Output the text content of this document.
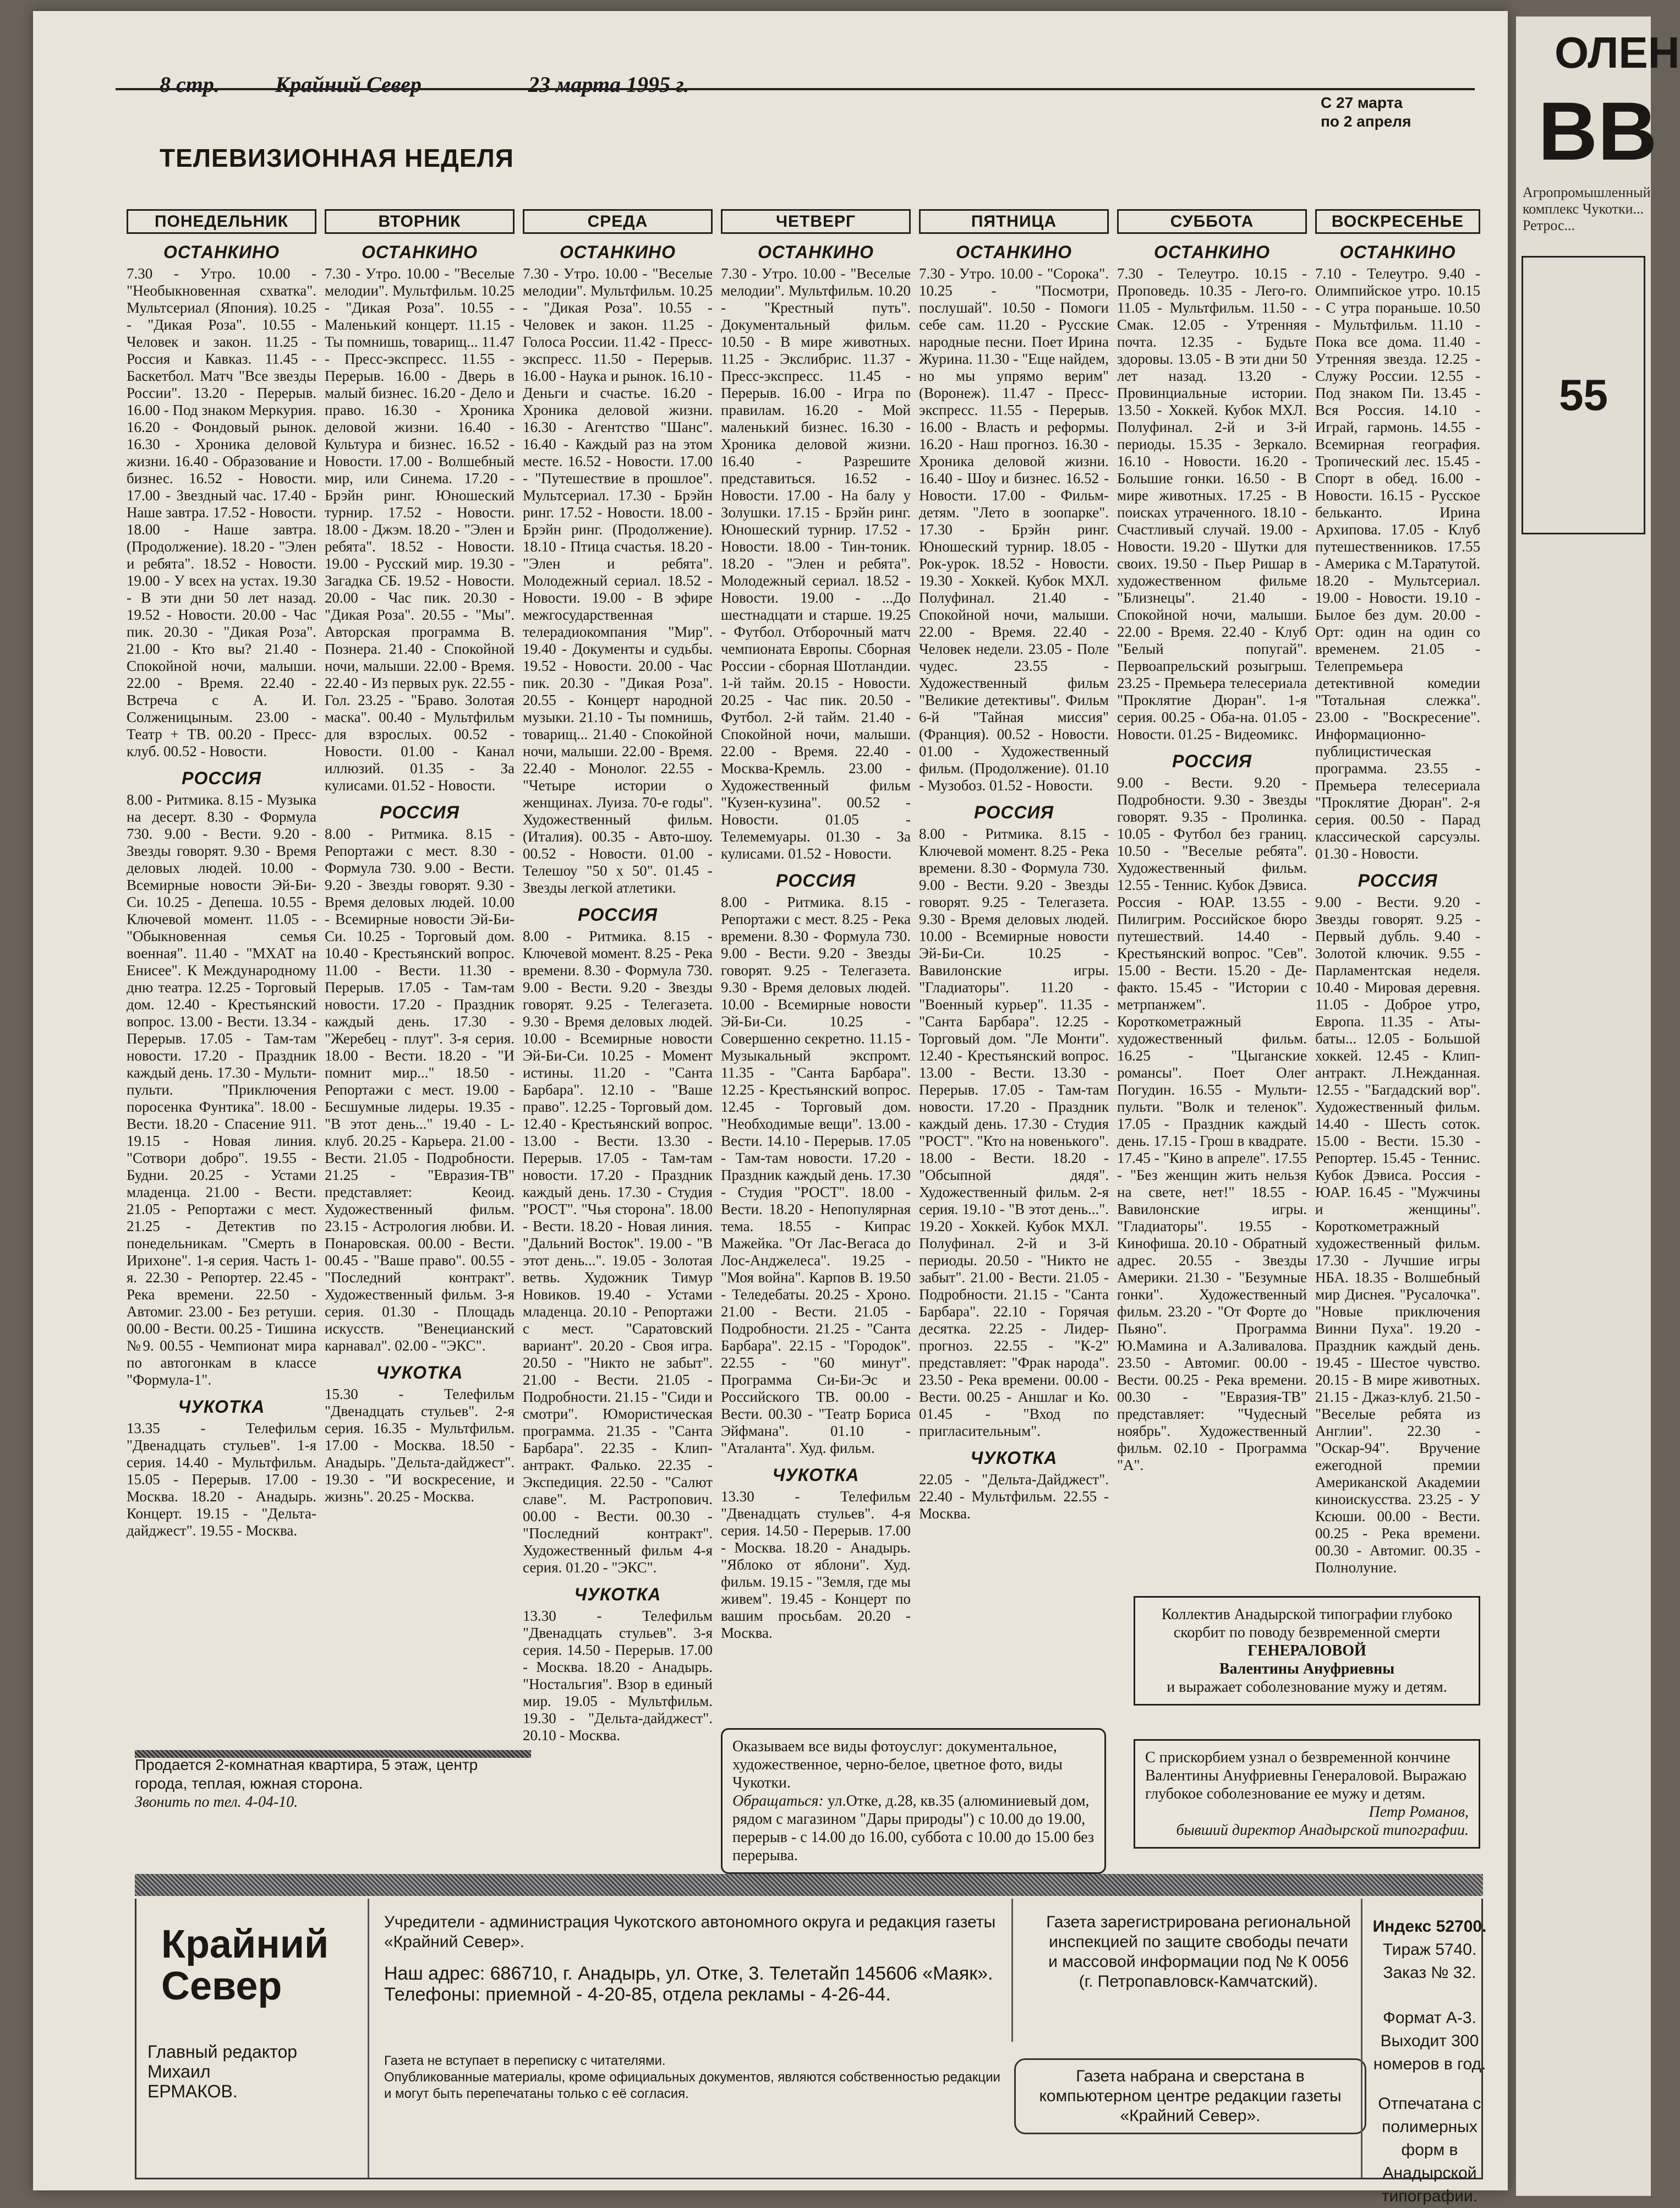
8 стр.	Крайний Север	23 марта 1995 г.
С 27 марта
по 2 апреля
ТЕЛЕВИЗИОННАЯ НЕДЕЛЯ
ПОНЕДЕЛЬНИК
ОСТАНКИНО

7.30 - Утро. 10.00 - "Необыкновенная схватка". Мультсериал (Япония). 10.25 - "Дикая Роза". 10.55 - Человек и закон. 11.25 - Россия и Кавказ. 11.45 - Баскетбол. Матч "Все звезды России". 13.20 - Перерыв. 16.00 - Под знаком Меркурия. 16.20 - Фондовый рынок. 16.30 - Хроника деловой жизни. 16.40 - Образование и бизнес. 16.52 - Новости. 17.00 - Звездный час. 17.40 - Наше завтра. 17.52 - Новости. 18.00 - Наше завтра. (Продолжение). 18.20 - "Элен и ребята". 18.52 - Новости. 19.00 - У всех на устах. 19.30 - В эти дни 50 лет назад. 19.52 - Новости. 20.00 - Час пик. 20.30 - "Дикая Роза". 21.00 - Кто вы? 21.40 - Спокойной ночи, малыши. 22.00 - Время. 22.40 - Встреча с А. И. Солженицыным. 23.00 - Театр + ТВ. 00.20 - Пресс-клуб. 00.52 - Новости.

РОССИЯ

8.00 - Ритмика. 8.15 - Музыка на десерт. 8.30 - Формула 730. 9.00 - Вести. 9.20 - Звезды говорят. 9.30 - Время деловых людей. 10.00 - Всемирные новости Эй-Би-Си. 10.25 - Депеша. 10.55 - Ключевой момент. 11.05 - "Обыкновенная семья военная". 11.40 - "МХАТ на Енисее". К Международному дню театра. 12.25 - Торговый дом. 12.40 - Крестьянский вопрос. 13.00 - Вести. 13.34 - Перерыв. 17.05 - Там-там новости. 17.20 - Праздник каждый день. 17.30 - Мульти-пульти. "Приключения поросенка Фунтика". 18.00 - Вести. 18.20 - Спасение 911. 19.15 - Новая линия. "Сотвори добро". 19.55 - Будни. 20.25 - Устами младенца. 21.00 - Вести. 21.05 - Репортажи с мест. 21.25 - Детектив по понедельникам. "Смерть в Ирихоне". 1-я серия. Часть 1-я. 22.30 - Репортер. 22.45 - Река времени. 22.50 - Автомиг. 23.00 - Без ретуши. 00.00 - Вести. 00.25 - Тишина №9. 00.55 - Чемпионат мира по автогонкам в классе "Формула-1".

ЧУКОТКА

13.35 - Телефильм "Двенадцать стульев". 1-я серия. 14.40 - Мультфильм. 15.05 - Перерыв. 17.00 - Москва. 18.20 - Анадырь. Концерт. 19.15 - "Дельта-дайджест". 19.55 - Москва.

ВТОРНИК
ОСТАНКИНО

7.30 - Утро. 10.00 - "Веселые мелодии". Мультфильм. 10.25 - "Дикая Роза". 10.55 - Маленький концерт. 11.15 - Ты помнишь, товарищ... 11.47 - Пресс-экспресс. 11.55 - Перерыв. 16.00 - Дверь в малый бизнес. 16.20 - Дело и право. 16.30 - Хроника деловой жизни. 16.40 - Культура и бизнес. 16.52 - Новости. 17.00 - Волшебный мир, или Синема. 17.20 - Брэйн ринг. Юношеский турнир. 17.52 - Новости. 18.00 - Джэм. 18.20 - "Элен и ребята". 18.52 - Новости. 19.00 - Русский мир. 19.30 - Загадка СБ. 19.52 - Новости. 20.00 - Час пик. 20.30 - "Дикая Роза". 20.55 - "Мы". Авторская программа В. Познера. 21.40 - Спокойной ночи, малыши. 22.00 - Время. 22.40 - Из первых рук. 22.55 - Гол. 23.25 - "Браво. Золотая маска". 00.40 - Мультфильм для взрослых. 00.52 - Новости. 01.00 - Канал иллюзий. 01.35 - За кулисами. 01.52 - Новости.

РОССИЯ

8.00 - Ритмика. 8.15 - Репортажи с мест. 8.30 - Формула 730. 9.00 - Вести. 9.20 - Звезды говорят. 9.30 - Время деловых людей. 10.00 - Всемирные новости Эй-Би-Си. 10.25 - Торговый дом. 10.40 - Крестьянский вопрос. 11.00 - Вести. 11.30 - Перерыв. 17.05 - Там-там новости. 17.20 - Праздник каждый день. 17.30 - "Жеребец - плут". 3-я серия. 18.00 - Вести. 18.20 - "И помнит мир..." 18.50 - Репортажи с мест. 19.00 - Бесшумные лидеры. 19.35 - "В этот день..." 19.40 - L-клуб. 20.25 - Карьера. 21.00 - Вести. 21.05 - Подробности. 21.25 - "Евразия-ТВ" представляет: Кеоид. Художественный фильм. 23.15 - Астрология любви. И. Понаровская. 00.00 - Вести. 00.45 - "Ваше право". 00.55 - "Последний контракт". Художественный фильм. 3-я серия. 01.30 - Площадь искусств. "Венецианский карнавал". 02.00 - "ЭКС".

ЧУКОТКА

15.30 - Телефильм "Двенадцать стульев". 2-я серия. 16.35 - Мультфильм. 17.00 - Москва. 18.50 - Анадырь. "Дельта-дайджест". 19.30 - "И воскресение, и жизнь". 20.25 - Москва.

СРЕДА
ОСТАНКИНО

7.30 - Утро. 10.00 - "Веселые мелодии". Мультфильм. 10.25 - "Дикая Роза". 10.55 - Человек и закон. 11.25 - Голоса России. 11.42 - Пресс-экспресс. 11.50 - Перерыв. 16.00 - Наука и рынок. 16.10 - Деньги и счастье. 16.20 - Хроника деловой жизни. 16.30 - Агентство "Шанс". 16.40 - Каждый раз на этом месте. 16.52 - Новости. 17.00 - "Путешествие в прошлое". Мультсериал. 17.30 - Брэйн ринг. 17.52 - Новости. 18.00 - Брэйн ринг. (Продолжение). 18.10 - Птица счастья. 18.20 - "Элен и ребята". Молодежный сериал. 18.52 - Новости. 19.00 - В эфире межгосударственная телерадиокомпания "Мир". 19.40 - Документы и судьбы. 19.52 - Новости. 20.00 - Час пик. 20.30 - "Дикая Роза". 20.55 - Концерт народной музыки. 21.10 - Ты помнишь, товарищ... 21.40 - Спокойной ночи, малыши. 22.00 - Время. 22.40 - Монолог. 22.55 - "Четыре истории о женщинах. Луиза. 70-е годы". Художественный фильм. (Италия). 00.35 - Авто-шоу. 00.52 - Новости. 01.00 - Телешоу "50 х 50". 01.45 - Звезды легкой атлетики.

РОССИЯ

8.00 - Ритмика. 8.15 - Ключевой момент. 8.25 - Река времени. 8.30 - Формула 730. 9.00 - Вести. 9.20 - Звезды говорят. 9.25 - Телегазета. 9.30 - Время деловых людей. 10.00 - Всемирные новости Эй-Би-Си. 10.25 - Момент истины. 11.20 - "Санта Барбара". 12.10 - "Ваше право". 12.25 - Торговый дом. 12.40 - Крестьянский вопрос. 13.00 - Вести. 13.30 - Перерыв. 17.05 - Там-там новости. 17.20 - Праздник каждый день. 17.30 - Студия "РОСТ". "Чья сторона". 18.00 - Вести. 18.20 - Новая линия. "Дальний Восток". 19.00 - "В этот день...". 19.05 - Золотая ветвь. Художник Тимур Новиков. 19.40 - Устами младенца. 20.10 - Репортажи с мест. "Саратовский вариант". 20.20 - Своя игра. 20.50 - "Никто не забыт". 21.00 - Вести. 21.05 - Подробности. 21.15 - "Сиди и смотри". Юмористическая программа. 21.35 - "Санта Барбара". 22.35 - Клип-антракт. Фалько. 22.35 - Экспедиция. 22.50 - "Салют славе". М. Растропович. 00.00 - Вести. 00.30 - "Последний контракт". Художественный фильм 4-я серия. 01.20 - "ЭКС".

ЧУКОТКА

13.30 - Телефильм "Двенадцать стульев". 3-я серия. 14.50 - Перерыв. 17.00 - Москва. 18.20 - Анадырь. "Ностальгия". Взор в единый мир. 19.05 - Мультфильм. 19.30 - "Дельта-дайджест". 20.10 - Москва.

ЧЕТВЕРГ
ОСТАНКИНО

7.30 - Утро. 10.00 - "Веселые мелодии". Мультфильм. 10.20 - "Крестный путь". Документальный фильм. 10.50 - В мире животных. 11.25 - Экслибрис. 11.37 - Пресс-экспресс. 11.45 - Перерыв. 16.00 - Игра по правилам. 16.20 - Мой маленький бизнес. 16.30 - Хроника деловой жизни. 16.40 - Разрешите представиться. 16.52 - Новости. 17.00 - На балу у Золушки. 17.15 - Брэйн ринг. Юношеский турнир. 17.52 - Новости. 18.00 - Тин-тоник. 18.20 - "Элен и ребята". Молодежный сериал. 18.52 - Новости. 19.00 - ...До шестнадцати и старше. 19.25 - Футбол. Отборочный матч чемпионата Европы. Сборная России - сборная Шотландии. 1-й тайм. 20.15 - Новости. 20.25 - Час пик. 20.50 - Футбол. 2-й тайм. 21.40 - Спокойной ночи, малыши. 22.00 - Время. 22.40 - Москва-Кремль. 23.00 - Художественный фильм "Кузен-кузина". 00.52 - Новости. 01.05 - Телемемуары. 01.30 - За кулисами. 01.52 - Новости.

РОССИЯ

8.00 - Ритмика. 8.15 - Репортажи с мест. 8.25 - Река времени. 8.30 - Формула 730. 9.00 - Вести. 9.20 - Звезды говорят. 9.25 - Телегазета. 9.30 - Время деловых людей. 10.00 - Всемирные новости Эй-Би-Си. 10.25 - Совершенно секретно. 11.15 - Музыкальный экспромт. 11.35 - "Санта Барбара". 12.25 - Крестьянский вопрос. 12.45 - Торговый дом. "Необходимые вещи". 13.00 - Вести. 14.10 - Перерыв. 17.05 - Там-там новости. 17.20 - Праздник каждый день. 17.30 - Студия "РОСТ". 18.00 - Вести. 18.20 - Непопулярная тема. 18.55 - Кипрас Мажейка. "От Лас-Вегаса до Лос-Анджелеса". 19.25 - "Моя война". Карпов В. 19.50 - Теледебаты. 20.25 - Хроно. 21.00 - Вести. 21.05 - Подробности. 21.25 - "Санта Барбара". 22.15 - "Городок". 22.55 - "60 минут". Программа Си-Би-Эс и Российского ТВ. 00.00 - Вести. 00.30 - "Театр Бориса Эйфмана". 01.10 - "Аталанта". Худ. фильм.

ЧУКОТКА

13.30 - Телефильм "Двенадцать стульев". 4-я серия. 14.50 - Перерыв. 17.00 - Москва. 18.20 - Анадырь. "Яблоко от яблони". Худ. фильм. 19.15 - "Земля, где мы живем". 19.45 - Концерт по вашим просьбам. 20.20 - Москва.

ПЯТНИЦА
ОСТАНКИНО

7.30 - Утро. 10.00 - "Сорока". 10.25 - "Посмотри, послушай". 10.50 - Помоги себе сам. 11.20 - Русские народные песни. Поет Ирина Журина. 11.30 - "Еще найдем, но мы упрямо верим" (Воронеж). 11.47 - Пресс-экспресс. 11.55 - Перерыв. 16.00 - Власть и реформы. 16.20 - Наш прогноз. 16.30 - Хроника деловой жизни. 16.40 - Шоу и бизнес. 16.52 - Новости. 17.00 - Фильм-детям. "Лето в зоопарке". 17.30 - Брэйн ринг. Юношеский турнир. 18.05 - Рок-урок. 18.52 - Новости. 19.30 - Хоккей. Кубок МХЛ. Полуфинал. 21.40 - Спокойной ночи, малыши. 22.00 - Время. 22.40 - Человек недели. 23.05 - Поле чудес. 23.55 - Художественный фильм "Великие детективы". Фильм 6-й "Тайная миссия" (Франция). 00.52 - Новости. 01.00 - Художественный фильм. (Продолжение). 01.10 - Музобоз. 01.52 - Новости.

РОССИЯ

8.00 - Ритмика. 8.15 - Ключевой момент. 8.25 - Река времени. 8.30 - Формула 730. 9.00 - Вести. 9.20 - Звезды говорят. 9.25 - Телегазета. 9.30 - Время деловых людей. 10.00 - Всемирные новости Эй-Би-Си. 10.25 - Вавилонские игры. "Гладиаторы". 11.20 - "Военный курьер". 11.35 - "Санта Барбара". 12.25 - Торговый дом. "Ле Монти". 12.40 - Крестьянский вопрос. 13.00 - Вести. 13.30 - Перерыв. 17.05 - Там-там новости. 17.20 - Праздник каждый день. 17.30 - Студия "РОСТ". "Кто на новенького". 18.00 - Вести. 18.20 - "Обсыпной дядя". Художественный фильм. 2-я серия. 19.10 - "В этот день...". 19.20 - Хоккей. Кубок МХЛ. Полуфинал. 2-й и 3-й периоды. 20.50 - "Никто не забыт". 21.00 - Вести. 21.05 - Подробности. 21.15 - "Санта Барбара". 22.10 - Горячая десятка. 22.25 - Лидер-прогноз. 22.55 - "К-2" представляет: "Фрак народа". 23.50 - Река времени. 00.00 - Вести. 00.25 - Аншлаг и Ко. 01.45 - "Вход по пригласительным".

ЧУКОТКА

22.05 - "Дельта-Дайджест". 22.40 - Мультфильм. 22.55 - Москва.

СУББОТА
ОСТАНКИНО

7.30 - Телеутро. 10.15 - Проповедь. 10.35 - Лего-го. 11.05 - Мультфильм. 11.50 - Смак. 12.05 - Утренняя почта. 12.35 - Будьте здоровы. 13.05 - В эти дни 50 лет назад. 13.20 - Провинциальные истории. 13.50 - Хоккей. Кубок МХЛ. Полуфинал. 2-й и 3-й периоды. 15.35 - Зеркало. 16.10 - Новости. 16.20 - Большие гонки. 16.50 - В мире животных. 17.25 - В поисках утраченного. 18.10 - Счастливый случай. 19.00 - Новости. 19.20 - Шутки для своих. 19.50 - Пьер Ришар в художественном фильме "Близнецы". 21.40 - Спокойной ночи, малыши. 22.00 - Время. 22.40 - Клуб "Белый попугай". Первоапрельский розыгрыш. 23.25 - Премьера телесериала "Проклятие Дюран". 1-я серия. 00.25 - Оба-на. 01.05 - Новости. 01.25 - Видеомикс.

РОССИЯ

9.00 - Вести. 9.20 - Подробности. 9.30 - Звезды говорят. 9.35 - Пролинка. 10.05 - Футбол без границ. 10.50 - "Веселые ребята". Художественный фильм. 12.55 - Теннис. Кубок Дэвиса. Россия - ЮАР. 13.55 - Пилигрим. Российское бюро путешествий. 14.40 - Крестьянский вопрос. "Сев". 15.00 - Вести. 15.20 - Де-факто. 15.45 - "Истории с метрпанжем". Короткометражный художественный фильм. 16.25 - "Цыганские романсы". Поет Олег Погудин. 16.55 - Мульти-пульти. "Волк и теленок". 17.05 - Праздник каждый день. 17.15 - Грош в квадрате. 17.45 - "Кино в апреле". 17.55 - "Без женщин жить нельзя на свете, нет!" 18.55 - Вавилонские игры. "Гладиаторы". 19.55 - Кинофиша. 20.10 - Обратный адрес. 20.55 - Звезды Америки. 21.30 - "Безумные гонки". Художественный фильм. 23.20 - "От Форте до Пьяно". Программа Ю.Мамина и А.Заливалова. 23.50 - Автомиг. 00.00 - Вести. 00.25 - Река времени. 00.30 - "Евразия-ТВ" представляет: "Чудесный ноябрь". Художественный фильм. 02.10 - Программа "А".

ВОСКРЕСЕНЬЕ
ОСТАНКИНО

7.10 - Телеутро. 9.40 - Олимпийское утро. 10.15 - С утра пораньше. 10.50 - Мультфильм. 11.10 - Пока все дома. 11.40 - Утренняя звезда. 12.25 - Служу России. 12.55 - Под знаком Пи. 13.45 - Вся Россия. 14.10 - Играй, гармонь. 14.55 - Всемирная география. Тропический лес. 15.45 - Спорт в обед. 16.00 - Новости. 16.15 - Русское бельканто. Ирина Архипова. 17.05 - Клуб путешественников. 17.55 - Америка с М.Таратутой. 18.20 - Мультсериал. 19.00 - Новости. 19.10 - Былое без дум. 20.00 - Орт: один на один со временем. 21.05 - Телепремьера детективной комедии "Тотальная слежка". 23.00 - "Воскресение". Информационно-публицистическая программа. 23.55 - Премьера телесериала "Проклятие Дюран". 2-я серия. 00.50 - Парад классической сарсуэлы. 01.30 - Новости.

РОССИЯ

9.00 - Вести. 9.20 - Звезды говорят. 9.25 - Первый дубль. 9.40 - Золотой ключик. 9.55 - Парламентская неделя. 10.40 - Мировая деревня. 11.05 - Доброе утро, Европа. 11.35 - Аты-баты... 12.05 - Большой хоккей. 12.45 - Клип-антракт. Л.Нежданная. 12.55 - "Багдадский вор". Художественный фильм. 14.40 - Шесть соток. 15.00 - Вести. 15.30 - Репортер. 15.45 - Теннис. Кубок Дэвиса. Россия - ЮАР. 16.45 - "Мужчины и женщины". Короткометражный художественный фильм. 17.30 - Лучшие игры НБА. 18.35 - Волшебный мир Диснея. "Русалочка". "Новые приключения Винни Пуха". 19.20 - Праздник каждый день. 19.45 - Шестое чувство. 20.15 - В мире животных. 21.15 - Джаз-клуб. 21.50 - "Веселые ребята из Англии". 22.30 - "Оскар-94". Вручение ежегодной премии Американской Академии киноискусства. 23.25 - У Ксюши. 00.00 - Вести. 00.25 - Река времени. 00.30 - Автомиг. 00.35 - Полнолуние.

Коллектив Анадырской типографии глубоко скорбит по поводу безвременной смерти
ГЕНЕРАЛОВОЙ
Валентины Ануфриевны
и выражает соболезнование мужу и детям.
С прискорбием узнал о безвременной кончине Валентины Ануфриевны Генераловой. Выражаю глубокое соболезнование ее мужу и детям.
Петр Романов,
бывший директор Анадырской типографии.
Оказываем все виды фотоуслуг: документальное, художественное, черно-белое, цветное фото, виды Чукотки.
Обращаться: ул.Отке, д.28, кв.35 (алюминиевый дом, рядом с магазином "Дары природы") с 10.00 до 19.00, перерыв - с 14.00 до 16.00, суббота с 10.00 до 15.00 без перерыва.
Продается 2-комнатная квартира, 5 этаж, центр города, теплая, южная сторона.
Звонить по тел. 4-04-10.
Крайний
Север
Главный редактор
Михаил
ЕРМАКОВ.
Учредители - администрация Чукотского автономного округа и редакция газеты «Крайний Север».
Наш адрес: 686710, г. Анадырь, ул. Отке, 3. Телетайп 145606 «Маяк». Телефоны: приемной - 4-20-85, отдела рекламы - 4-26-44.
Газета не вступает в переписку с читателями.
Опубликованные материалы, кроме официальных документов, являются собственностью редакции и могут быть перепечатаны только с её согласия.
Газета зарегистрирована региональной инспекцией по защите свободы печати и массовой информации под № К 0056 (г. Петропавловск-Камчатский).
Газета набрана и сверстана в компьютерном центре редакции газеты «Крайний Север».
Индекс 52700.
Тираж 5740.
Заказ № 32.
Формат А-3.
Выходит 300 номеров в год.
Отпечатана с полимерных форм в Анадырской типографии.
ОЛЕН
ВВ
Агропромышленный комплекс Чукотки... Ретрос...
55
